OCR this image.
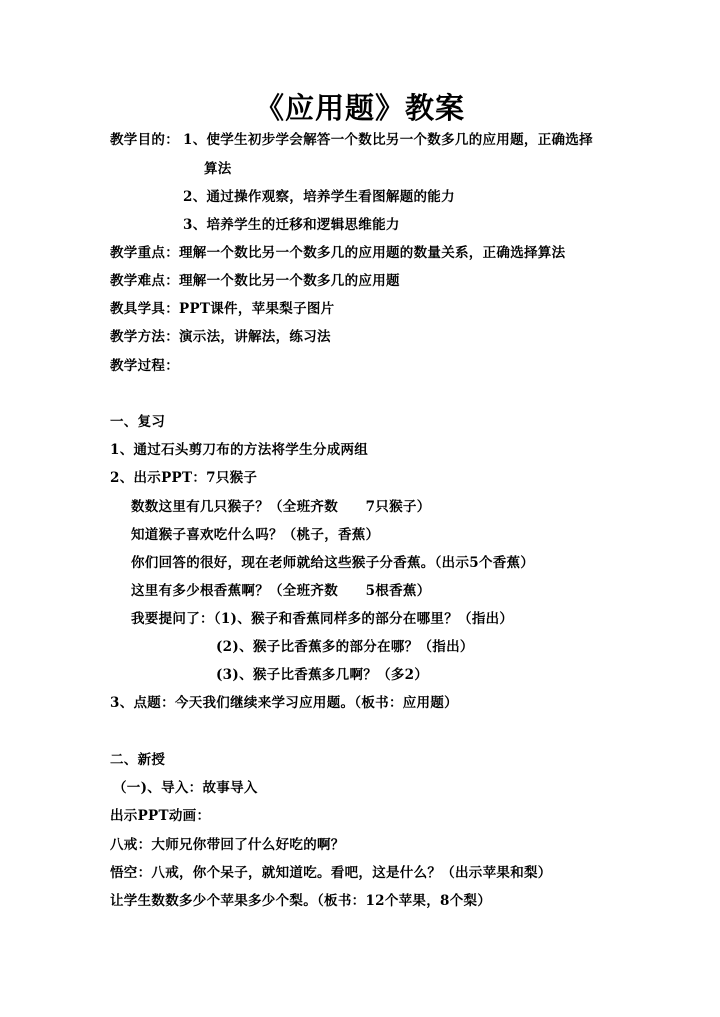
《应用题》教案
教学目的： 1、使学生初步学会解答一个数比另一个数多几的应用题，正确选择
算法
2、通过操作观察，培养学生看图解题的能力
3、培养学生的迁移和逻辑思维能力
教学重点：理解一个数比另一个数多几的应用题的数量关系，正确选择算法
教学难点：理解一个数比另一个数多几的应用题
教具学具：PPT课件，苹果梨子图片
教学方法：演示法，讲解法，练习法
教学过程：
一、复习
1、通过石头剪刀布的方法将学生分成两组
2、出示PPT：7只猴子
数数这里有几只猴子？（全班齐数　　7只猴子）
知道猴子喜欢吃什么吗？（桃子，香蕉）
你们回答的很好，现在老师就给这些猴子分香蕉。（出示5个香蕉）
这里有多少根香蕉啊？（全班齐数　　5根香蕉）
我要提问了：（1)、猴子和香蕉同样多的部分在哪里？（指出）
(2)、猴子比香蕉多的部分在哪？（指出）
(3)、猴子比香蕉多几啊？（多2）
3、点题：今天我们继续来学习应用题。（板书：应用题）
二、新授
（一)、导入：故事导入
出示PPT动画：
八戒：大师兄你带回了什么好吃的啊？
悟空：八戒，你个呆子，就知道吃。看吧，这是什么？（出示苹果和梨）
让学生数数多少个苹果多少个梨。（板书：12个苹果，8个梨）
